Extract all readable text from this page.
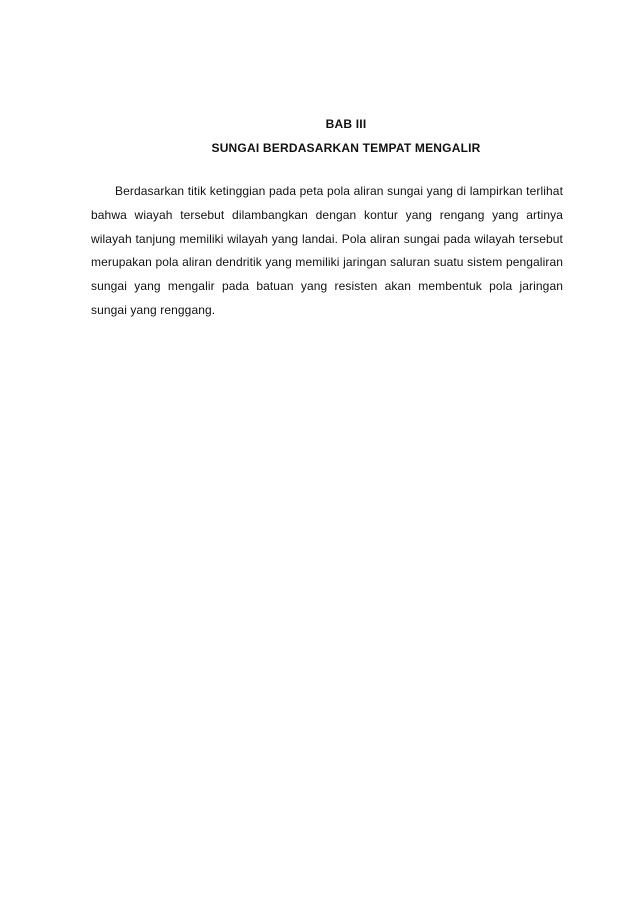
BAB III
SUNGAI BERDASARKAN TEMPAT MENGALIR

Berdasarkan titik ketinggian pada peta pola aliran sungai yang di lampirkan terlihat bahwa wiayah tersebut dilambangkan dengan kontur yang rengang yang artinya wilayah tanjung memiliki wilayah yang landai. Pola aliran sungai pada wilayah tersebut merupakan pola aliran dendritik yang memiliki jaringan saluran suatu sistem pengaliran sungai yang mengalir pada batuan yang resisten akan membentuk pola jaringan sungai yang renggang.
